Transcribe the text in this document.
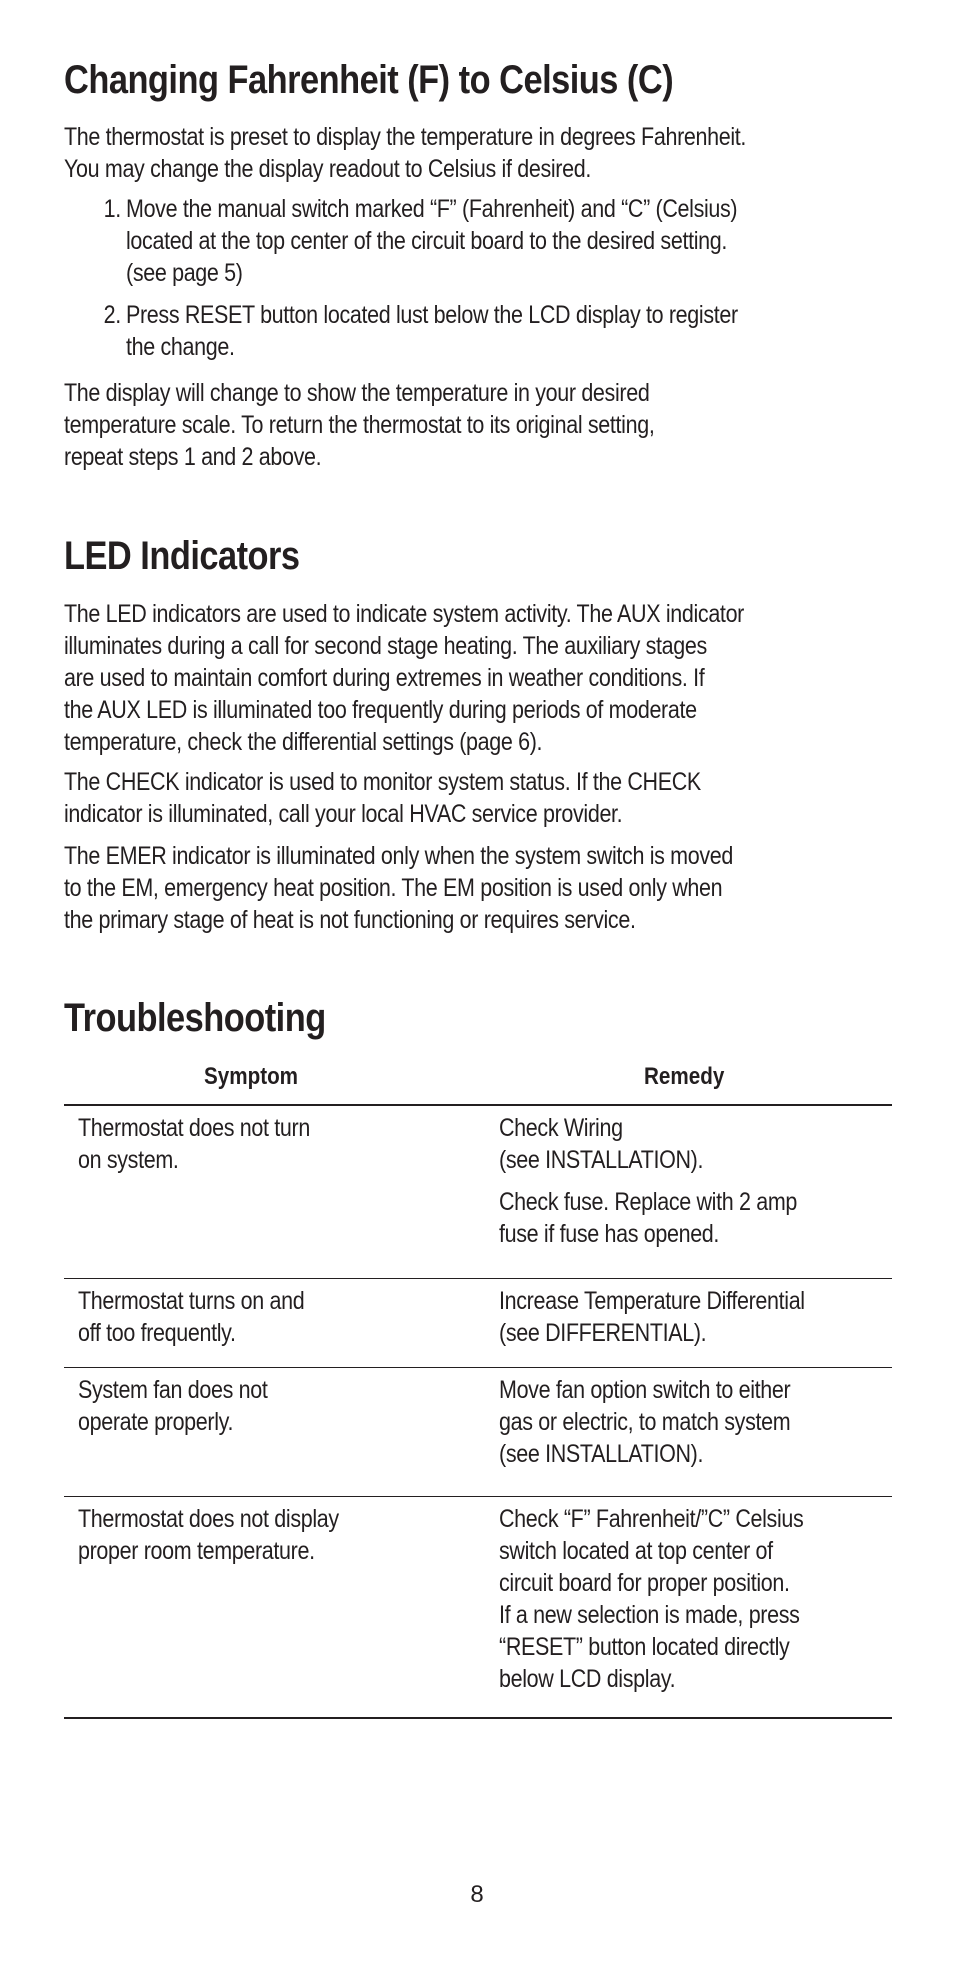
Changing Fahrenheit (F) to Celsius (C)

The thermostat is preset to display the temperature in degrees Fahrenheit.
You may change the display readout to Celsius if desired.

1. Move the manual switch marked “F” (Fahrenheit) and “C” (Celsius)
located at the top center of the circuit board to the desired setting.
(see page 5)
2. Press RESET button located lust below the LCD display to register
the change.

The display will change to show the temperature in your desired
temperature scale. To return the thermostat to its original setting,
repeat steps 1 and 2 above.

LED Indicators

The LED indicators are used to indicate system activity. The AUX indicator
illuminates during a call for second stage heating. The auxiliary stages
are used to maintain comfort during extremes in weather conditions. If
the AUX LED is illuminated too frequently during periods of moderate
temperature, check the differential settings (page 6).

The CHECK indicator is used to monitor system status. If the CHECK
indicator is illuminated, call your local HVAC service provider.

The EMER indicator is illuminated only when the system switch is moved
to the EM, emergency heat position. The EM position is used only when
the primary stage of heat is not functioning or requires service.

Troubleshooting
Symptom	Remedy
Thermostat does not turn
on system.
Check Wiring
(see INSTALLATION).
Check fuse. Replace with 2 amp
fuse if fuse has opened.
Thermostat turns on and
off too frequently.
Increase Temperature Differential
(see DIFFERENTIAL).
System fan does not
operate properly.
Move fan option switch to either
gas or electric, to match system
(see INSTALLATION).
Thermostat does not display
proper room temperature.
Check “F” Fahrenheit/”C” Celsius
switch located at top center of
circuit board for proper position.
If a new selection is made, press
“RESET” button located directly
below LCD display.
8
